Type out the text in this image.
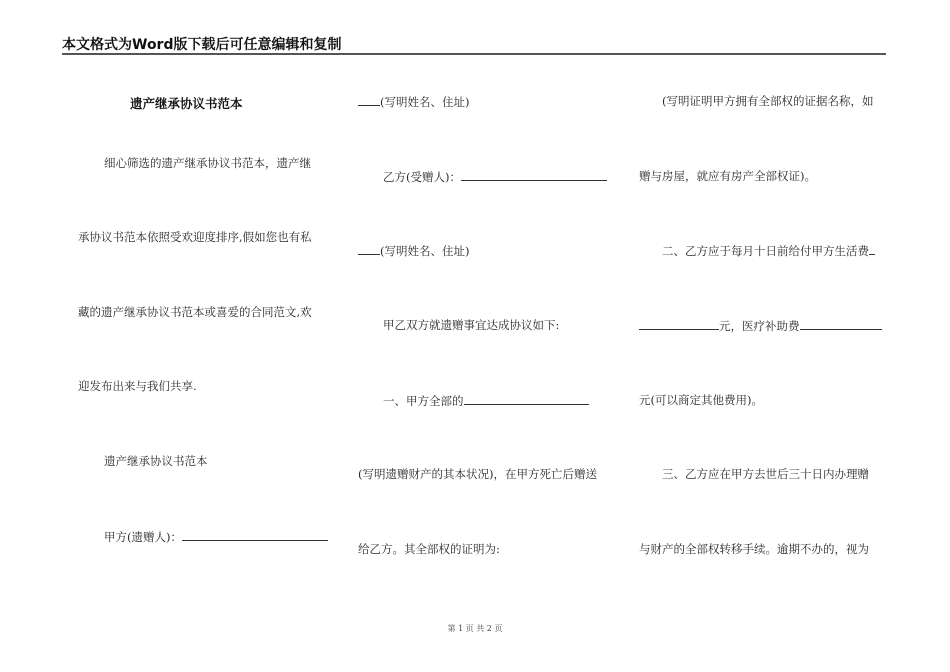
本文格式为Word版下载后可任意编辑和复制
遗产继承协议书范本
细心筛选的遗产继承协议书范本，遗产继
承协议书范本依照受欢迎度排序,假如您也有私
藏的遗产继承协议书范本或喜爱的合同范文,欢
迎发布出来与我们共享.
遗产继承协议书范本
甲方(遗赠人)：
(写明姓名、住址)
乙方(受赠人)：
(写明姓名、住址)
甲乙双方就遗赠事宜达成协议如下:
一、甲方全部的
(写明遗赠财产的其本状况)，在甲方死亡后赠送
给乙方。其全部权的证明为:
(写明证明甲方拥有全部权的证据名称，如
赠与房屋，就应有房产全部权证)。
二、乙方应于每月十日前给付甲方生活费
元，医疗补助费
元(可以商定其他费用)。
三、乙方应在甲方去世后三十日内办理赠
与财产的全部权转移手续。逾期不办的，视为
第 1 页 共 2 页
